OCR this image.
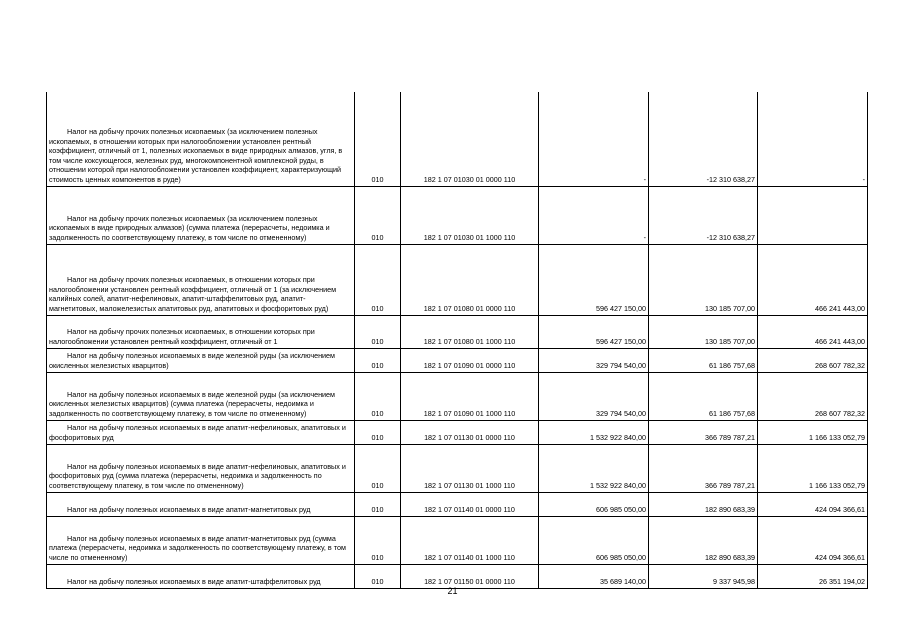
Налог на добычу прочих полезных ископаемых (за исключением полезных ископаемых, в отношении которых при налогообложении установлен рентный коэффициент, отличный от 1, полезных ископаемых в виде природных алмазов, угля, в том числе коксующегося, железных руд, многокомпонентной комплексной руды, в отношении которой при налогообложении установлен коэффициент, характеризующий стоимость ценных компонентов в руде)	010	182 1 07 01030 01 0000 110	-	-12 310 638,27	-
Налог на добычу прочих полезных ископаемых (за исключением полезных ископаемых в виде природных алмазов) (сумма платежа (перерасчеты, недоимка и задолженность по соответствующему платежу, в том числе по отмененному)	010	182 1 07 01030 01 1000 110	-	-12 310 638,27	
Налог на добычу прочих полезных ископаемых, в отношении которых при налогообложении установлен рентный коэффициент, отличный от 1 (за исключением калийных солей, апатит-нефелиновых, апатит-штаффелитовых руд, апатит-магнетитовых, маложелезистых апатитовых руд, апатитовых и фосфоритовых руд)	010	182 1 07 01080 01 0000 110	596 427 150,00	130 185 707,00	466 241 443,00
Налог на добычу прочих полезных ископаемых, в отношении которых при налогообложении установлен рентный коэффициент, отличный от 1	010	182 1 07 01080 01 1000 110	596 427 150,00	130 185 707,00	466 241 443,00
Налог на добычу полезных ископаемых в виде железной руды (за исключением окисленных железистых кварцитов)	010	182 1 07 01090 01 0000 110	329 794 540,00	61 186 757,68	268 607 782,32
Налог на добычу полезных ископаемых в виде железной руды (за исключением окисленных железистых кварцитов) (сумма платежа (перерасчеты, недоимка и задолженность по соответствующему платежу, в том числе по отмененному)	010	182 1 07 01090 01 1000 110	329 794 540,00	61 186 757,68	268 607 782,32
Налог на добычу полезных ископаемых в виде апатит-нефелиновых, апатитовых и фосфоритовых руд	010	182 1 07 01130 01 0000 110	1 532 922 840,00	366 789 787,21	1 166 133 052,79
Налог на добычу полезных ископаемых в виде апатит-нефелиновых, апатитовых и фосфоритовых руд (сумма платежа (перерасчеты, недоимка и задолженность по соответствующему платежу, в том числе по отмененному)	010	182 1 07 01130 01 1000 110	1 532 922 840,00	366 789 787,21	1 166 133 052,79
Налог на добычу полезных ископаемых в виде апатит-магнетитовых руд	010	182 1 07 01140 01 0000 110	606 985 050,00	182 890 683,39	424 094 366,61
Налог на добычу полезных ископаемых в виде апатит-магнетитовых руд (сумма платежа (перерасчеты, недоимка и задолженность по соответствующему платежу, в том числе по отмененному)	010	182 1 07 01140 01 1000 110	606 985 050,00	182 890 683,39	424 094 366,61
Налог на добычу полезных ископаемых в виде апатит-штаффелитовых руд	010	182 1 07 01150 01 0000 110	35 689 140,00	9 337 945,98	26 351 194,02
21
